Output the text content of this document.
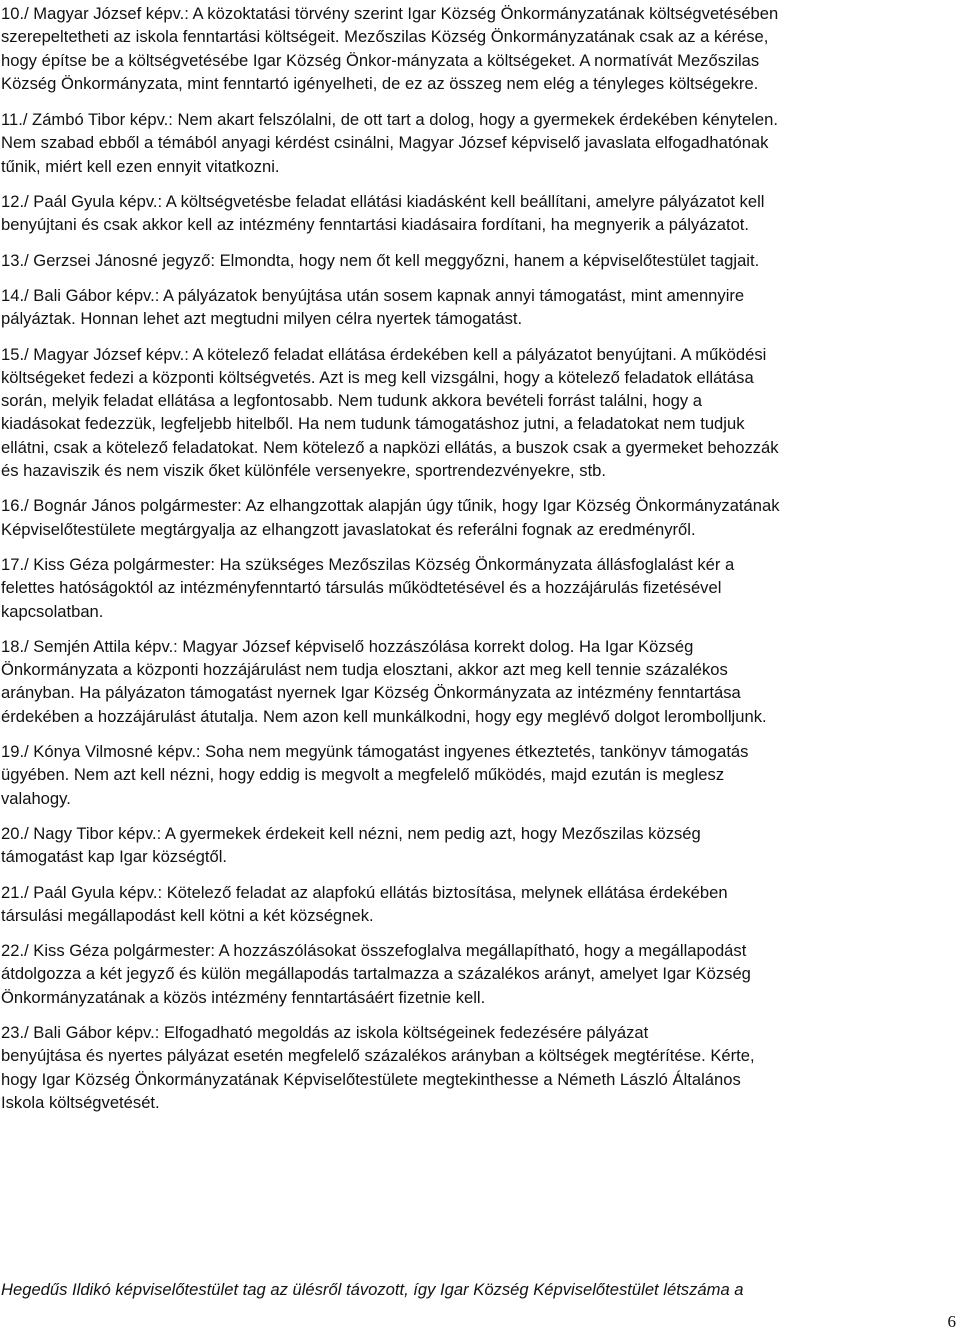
10./ Magyar József képv.: A közoktatási törvény szerint Igar Község Önkormányzatának költségvetésében
szerepeltetheti az iskola fenntartási költségeit. Mezőszilas Község Önkormányzatának csak az a kérése,
hogy építse be a költségvetésébe Igar Község Önkor-mányzata a költségeket. A normatívát Mezőszilas
Község Önkormányzata, mint fenntartó igényelheti, de ez az összeg nem elég a tényleges költségekre.

11./ Zámbó Tibor képv.: Nem akart felszólalni, de ott tart a dolog, hogy a gyermekek érdekében kénytelen.
Nem szabad ebből a témából anyagi kérdést csinálni, Magyar József képviselő javaslata elfogadhatónak
tűnik, miért kell ezen ennyit vitatkozni.

12./ Paál Gyula képv.: A költségvetésbe feladat ellátási kiadásként kell beállítani, amelyre pályázatot kell
benyújtani és csak akkor kell az intézmény fenntartási kiadásaira fordítani, ha megnyerik a pályázatot.

13./ Gerzsei Jánosné jegyző: Elmondta, hogy nem őt kell meggyőzni, hanem a képviselőtestület tagjait.

14./ Bali Gábor képv.: A pályázatok benyújtása után sosem kapnak annyi támogatást, mint amennyire
pályáztak. Honnan lehet azt megtudni milyen célra nyertek támogatást.

15./ Magyar József képv.: A kötelező feladat ellátása érdekében kell a pályázatot benyújtani. A működési
költségeket fedezi a központi költségvetés. Azt is meg kell vizsgálni, hogy a kötelező feladatok ellátása
során, melyik feladat ellátása a legfontosabb. Nem tudunk akkora bevételi forrást találni, hogy a
kiadásokat fedezzük, legfeljebb hitelből. Ha nem tudunk támogatáshoz jutni, a feladatokat nem tudjuk
ellátni, csak a kötelező feladatokat. Nem kötelező a napközi ellátás, a buszok csak a gyermeket behozzák
és hazaviszik és nem viszik őket különféle versenyekre, sportrendezvényekre, stb.

16./ Bognár János polgármester: Az elhangzottak alapján úgy tűnik, hogy Igar Község Önkormányzatának
Képviselőtestülete megtárgyalja az elhangzott javaslatokat és referálni fognak az eredményről.

17./ Kiss Géza polgármester: Ha szükséges Mezőszilas Község Önkormányzata állásfoglalást kér a
felettes hatóságoktól az intézményfenntartó társulás működtetésével és a hozzájárulás fizetésével
kapcsolatban.

18./ Semjén Attila képv.: Magyar József képviselő hozzászólása korrekt dolog. Ha Igar Község
Önkormányzata a központi hozzájárulást nem tudja elosztani, akkor azt meg kell tennie százalékos
arányban. Ha pályázaton támogatást nyernek Igar Község Önkormányzata az intézmény fenntartása
érdekében a hozzájárulást átutalja. Nem azon kell munkálkodni, hogy egy meglévő dolgot lerombolljunk.

19./ Kónya Vilmosné képv.: Soha nem megyünk támogatást ingyenes étkeztetés, tankönyv támogatás
ügyében. Nem azt kell nézni, hogy eddig is megvolt a megfelelő működés, majd ezután is meglesz
valahogy.

20./ Nagy Tibor képv.: A gyermekek érdekeit kell nézni, nem pedig azt, hogy Mezőszilas község
támogatást kap Igar községtől.

21./ Paál Gyula képv.: Kötelező feladat az alapfokú ellátás biztosítása, melynek ellátása érdekében
társulási megállapodást kell kötni a két községnek.

22./ Kiss Géza polgármester: A hozzászólásokat összefoglalva megállapítható, hogy a megállapodást
átdolgozza a két jegyző és külön megállapodás tartalmazza a százalékos arányt, amelyet Igar Község
Önkormányzatának a közös intézmény fenntartásáért fizetnie kell.

23./ Bali Gábor képv.: Elfogadható megoldás az iskola költségeinek fedezésére pályázat
benyújtása és nyertes pályázat esetén megfelelő százalékos arányban a költségek megtérítése. Kérte,
hogy Igar Község Önkormányzatának Képviselőtestülete megtekinthesse a Németh László Általános
Iskola költségvetését.

Hegedűs Ildikó képviselőtestület tag az ülésről távozott, így Igar Község Képviselőtestület létszáma a
6
